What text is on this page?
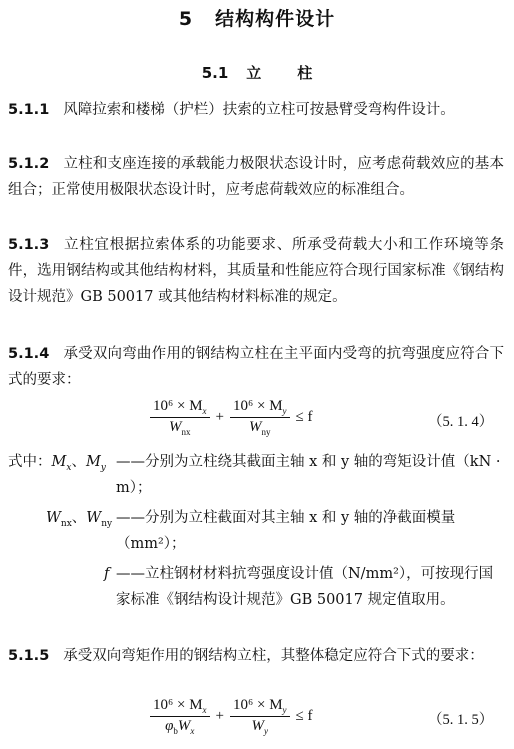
5 结构构件设计
5.1 立 柱
5.1.1 风障拉索和楼梯（护栏）扶索的立柱可按悬臂受弯构件设计。
5.1.2 立柱和支座连接的承载能力极限状态设计时，应考虑荷载效应的基本组合；正常使用极限状态设计时，应考虑荷载效应的标准组合。
5.1.3 立柱宜根据拉索体系的功能要求、所承受荷载大小和工作环境等条件，选用钢结构或其他结构材料，其质量和性能应符合现行国家标准《钢结构设计规范》GB 50017 或其他结构材料标准的规定。
5.1.4 承受双向弯曲作用的钢结构立柱在主平面内受弯的抗弯强度应符合下式的要求：
$\frac{10^6 \times M_x}{W_{nx}} + \frac{10^6 \times M_y}{W_{ny}} \le f$	（5. 1. 4）
式中：$M_x$、$M_y$ ——分别为立柱绕其截面主轴 x 和 y 轴的弯矩设计值（kN · m）；
$W_{nx}$、$W_{ny}$ ——分别为立柱截面对其主轴 x 和 y 轴的净截面模量（mm²）；
f ——立柱钢材材料抗弯强度设计值（N/mm²），可按现行国家标准《钢结构设计规范》GB 50017 规定值取用。
5.1.5 承受双向弯矩作用的钢结构立柱，其整体稳定应符合下式的要求：
$\frac{10^6 \times M_x}{\varphi_bW_x} + \frac{10^6 \times M_y}{W_y} \le f$	（5. 1. 5）
